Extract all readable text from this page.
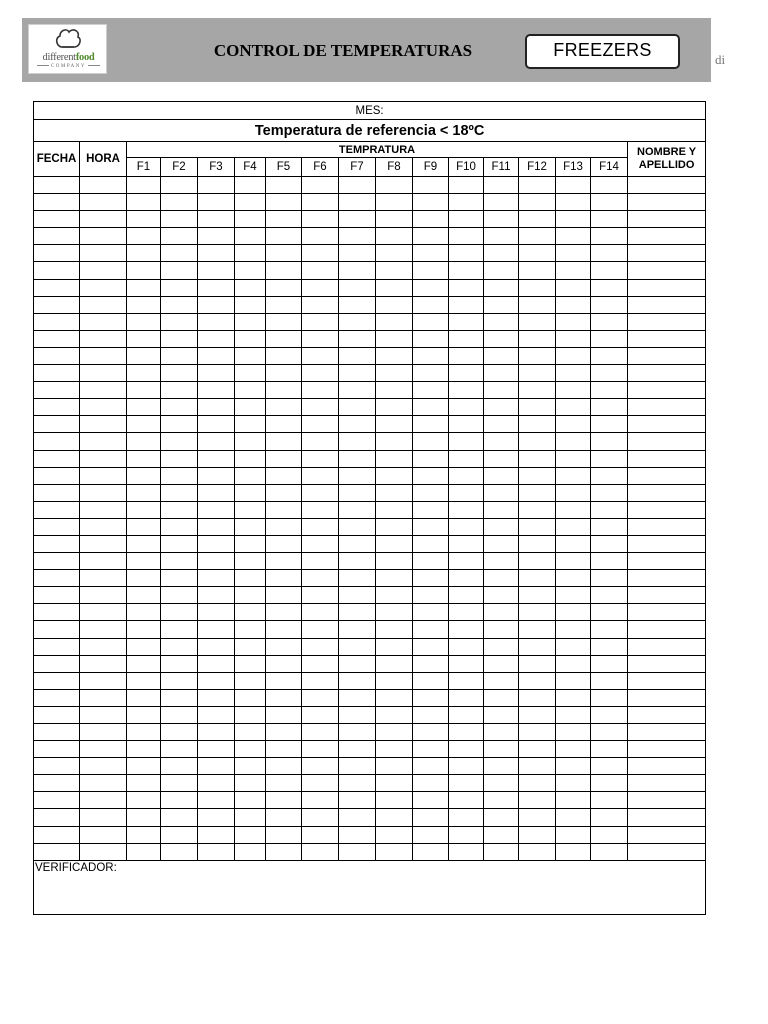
differentfood
COMPANY
CONTROL DE TEMPERATURAS	FREEZERS	di
MES:																
Temperatura de referencia < 18ºC																
FECHA	HORA	TEMPRATURA														NOMBRE Y APELLIDO
		F1	F2	F3	F4	F5	F6	F7	F8	F9	F10	F11	F12	F13	F14	

VERIFICADOR:																
